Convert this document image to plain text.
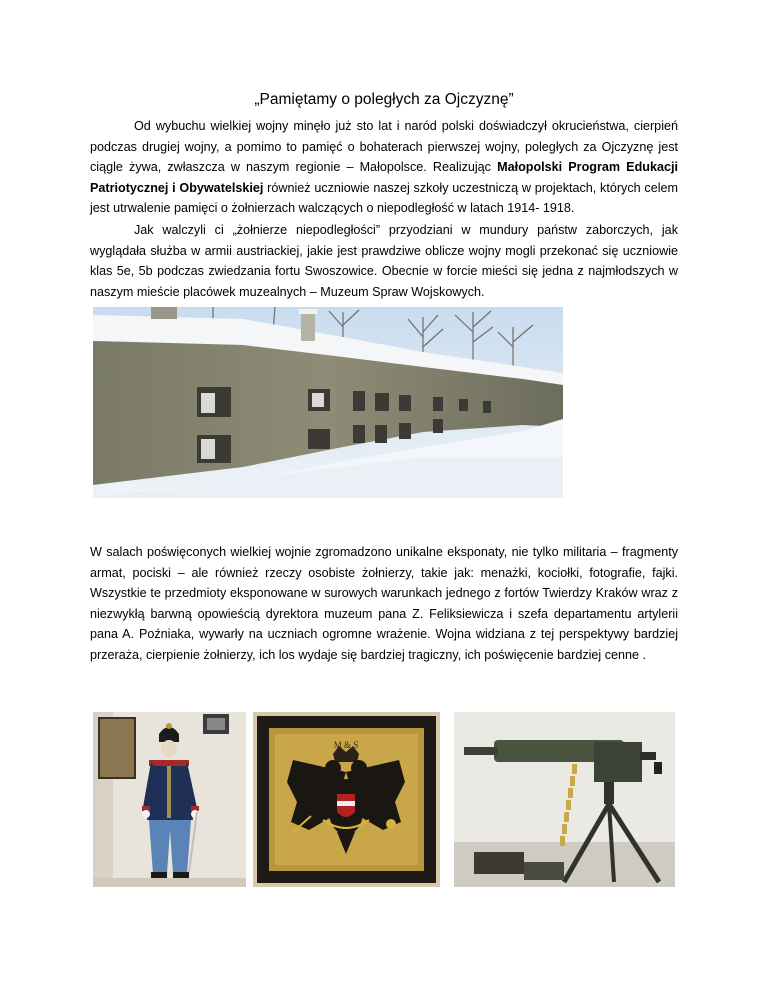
„Pamiętamy o poległych za Ojczyznę”

Od wybuchu wielkiej wojny minęło już sto lat i naród polski doświadczył okrucieństwa, cierpień podczas drugiej wojny, a pomimo to pamięć o bohaterach pierwszej wojny, poległych za Ojczyznę jest ciągle żywa, zwłaszcza w naszym regionie – Małopolsce. Realizując Małopolski Program Edukacji Patriotycznej i Obywatelskiej również uczniowie naszej szkoły uczestniczą w projektach, których celem jest utrwalenie pamięci o żołnierzach walczących o niepodległość w latach 1914- 1918.

Jak walczyli ci „żołnierze niepodległości” przyodziani w mundury państw zaborczych, jak wyglądała służba w armii austriackiej, jakie jest prawdziwe oblicze wojny mogli przekonać się uczniowie klas 5e, 5b podczas zwiedzania fortu Swoszowice. Obecnie w forcie mieści się jedna z najmłodszych w naszym mieście placówek muzealnych – Muzeum Spraw Wojskowych.

W salach poświęconych wielkiej wojnie zgromadzono unikalne eksponaty, nie tylko militaria – fragmenty armat, pociski – ale również rzeczy osobiste żołnierzy, takie jak: menażki, kociołki, fotografie, fajki. Wszystkie te przedmioty eksponowane w surowych warunkach jednego z fortów Twierdzy Kraków wraz z niezwykłą barwną opowieścią dyrektora muzeum pana Z. Feliksiewicza i szefa departamentu artylerii pana A. Poźniaka, wywarły na uczniach ogromne wrażenie. Wojna widziana z tej perspektywy bardziej przeraża, cierpienie żołnierzy, ich los wydaje się bardziej tragiczny, ich poświęcenie bardziej cenne .

M & S
